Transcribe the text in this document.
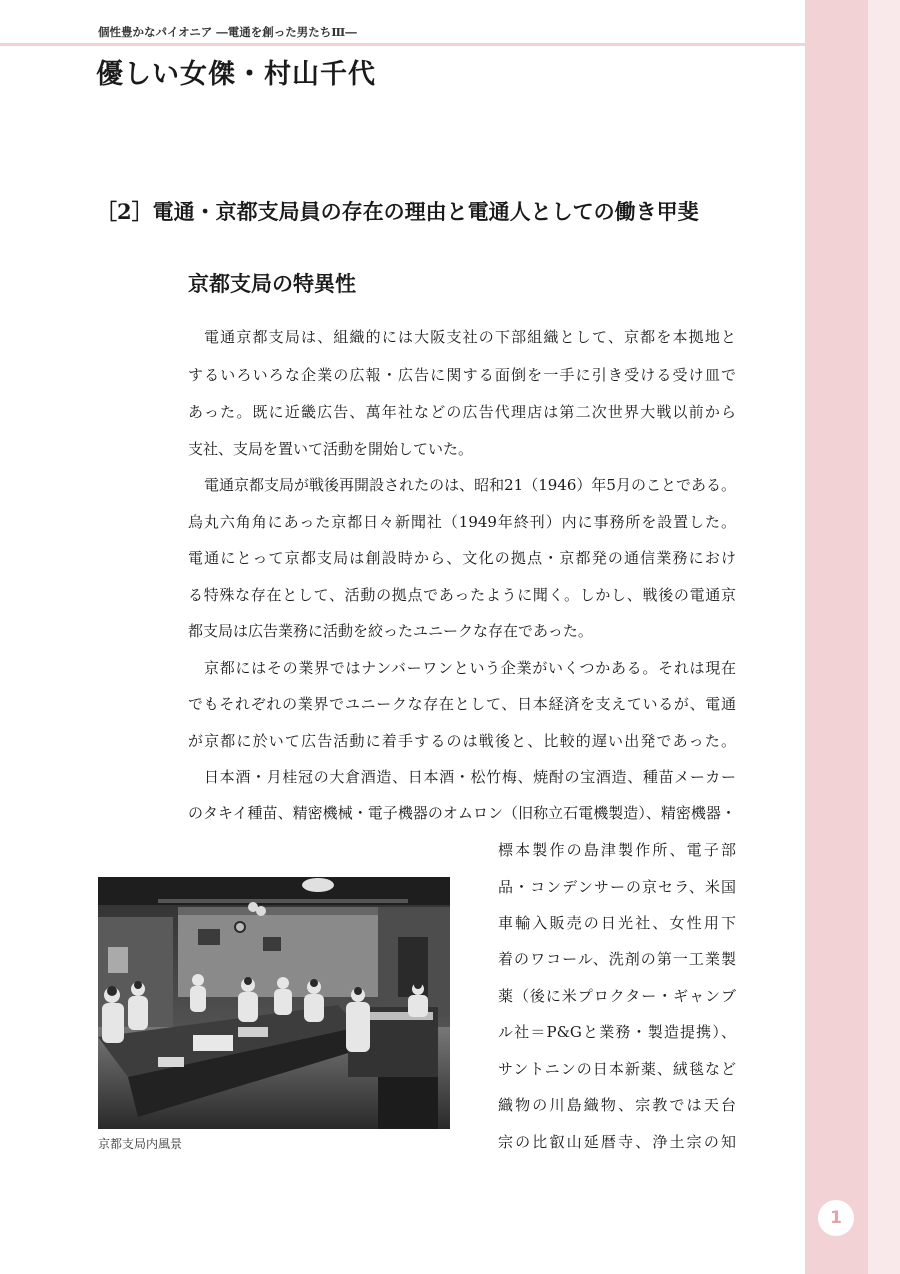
1
個性豊かなパイオニア ―電通を創った男たちⅢ―
優しい女傑・村山千代
［2］電通・京都支局員の存在の理由と電通人としての働き甲斐
京都支局の特異性
電通京都支局は、組織的には大阪支社の下部組織として、京都を本拠地と
するいろいろな企業の広報・広告に関する面倒を一手に引き受ける受け皿で
あった。既に近畿広告、萬年社などの広告代理店は第二次世界大戦以前から
支社、支局を置いて活動を開始していた。
電通京都支局が戦後再開設されたのは、昭和21（1946）年5月のことである。
烏丸六角角にあった京都日々新聞社（1949年終刊）内に事務所を設置した。
電通にとって京都支局は創設時から、文化の拠点・京都発の通信業務におけ
る特殊な存在として、活動の拠点であったように聞く。しかし、戦後の電通京
都支局は広告業務に活動を絞ったユニークな存在であった。
京都にはその業界ではナンバーワンという企業がいくつかある。それは現在
でもそれぞれの業界でユニークな存在として、日本経済を支えているが、電通
が京都に於いて広告活動に着手するのは戦後と、比較的遅い出発であった。
日本酒・月桂冠の大倉酒造、日本酒・松竹梅、焼酎の宝酒造、種苗メーカー
のタキイ種苗、精密機械・電子機器のオムロン（旧称立石電機製造）、精密機器・
標本製作の島津製作所、電子部
品・コンデンサーの京セラ、米国
車輸入販売の日光社、女性用下
着のワコール、洗剤の第一工業製
薬（後に米プロクター・ギャンブ
ル社＝P&Gと業務・製造提携）、
サントニンの日本新薬、絨毯など
織物の川島織物、宗教では天台
宗の比叡山延暦寺、浄土宗の知
京都支局内風景
